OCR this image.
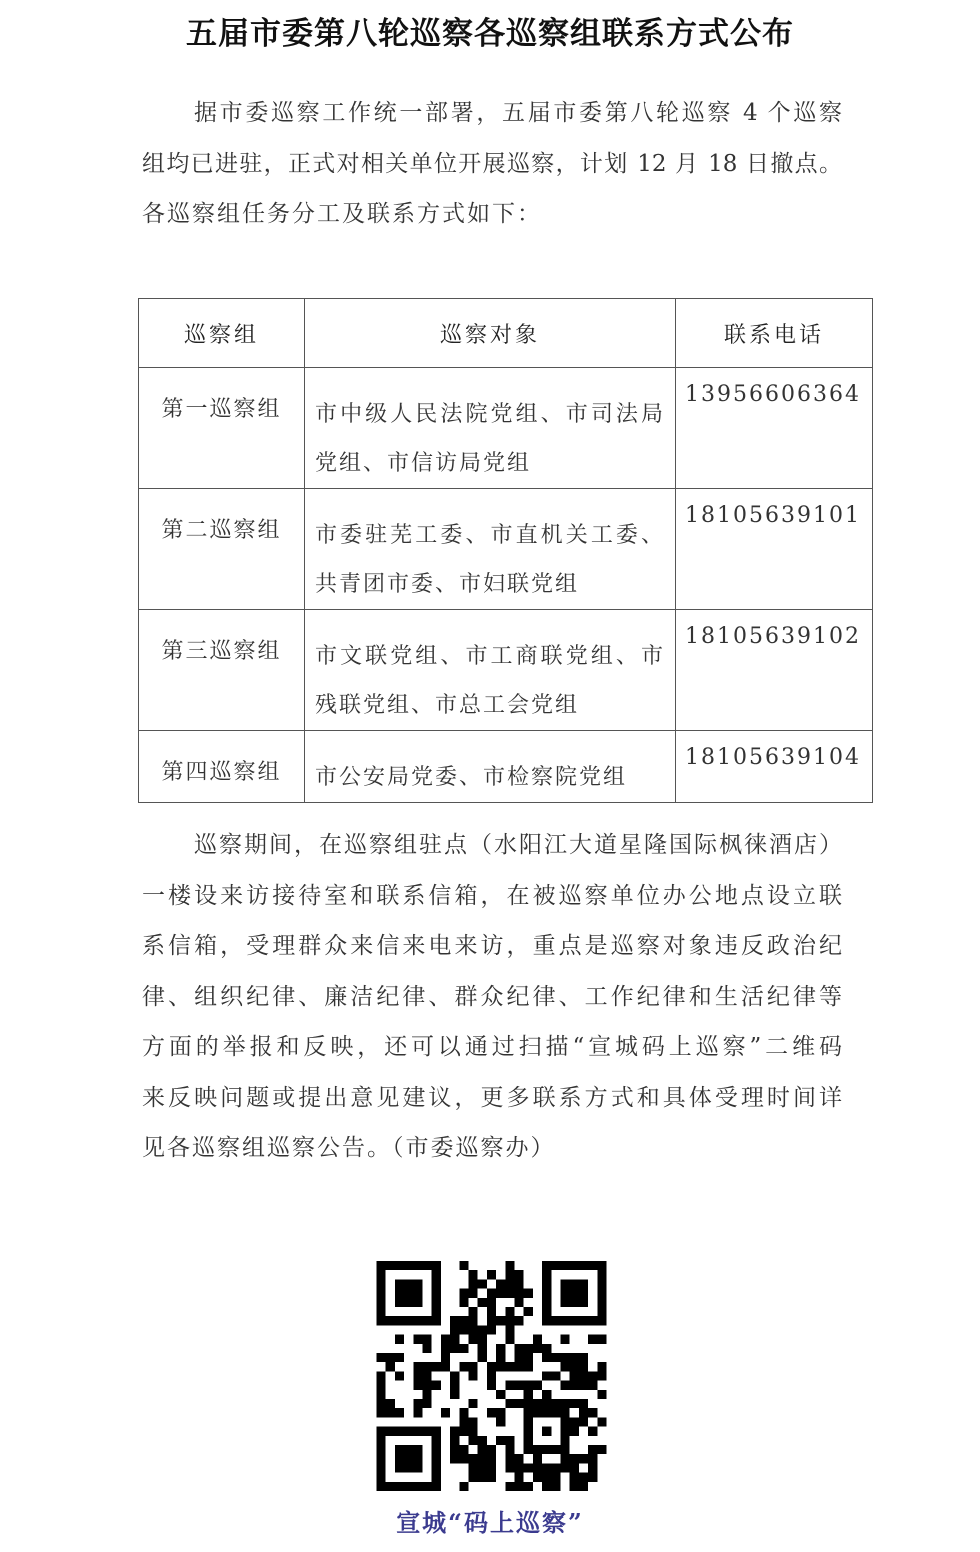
五届市委第八轮巡察各巡察组联系方式公布
据市委巡察工作统一部署，五届市委第八轮巡察 4 个巡察
组均已进驻，正式对相关单位开展巡察，计划 12 月 18 日撤点。
各巡察组任务分工及联系方式如下：
巡察组	巡察对象	联系电话
第一巡察组	市中级人民法院党组、市司法局党组、市信访局党组	13956606364
第二巡察组	市委驻芜工委、市直机关工委、共青团市委、市妇联党组	18105639101
第三巡察组	市文联党组、市工商联党组、市残联党组、市总工会党组	18105639102
第四巡察组	市公安局党委、市检察院党组	18105639104
巡察期间，在巡察组驻点（水阳江大道星隆国际枫徕酒店）
一楼设来访接待室和联系信箱，在被巡察单位办公地点设立联
系信箱，受理群众来信来电来访，重点是巡察对象违反政治纪
律、组织纪律、廉洁纪律、群众纪律、工作纪律和生活纪律等
方面的举报和反映，还可以通过扫描“宣城码上巡察”二维码
来反映问题或提出意见建议，更多联系方式和具体受理时间详
见各巡察组巡察公告。（市委巡察办）
宣城“码上巡察”
